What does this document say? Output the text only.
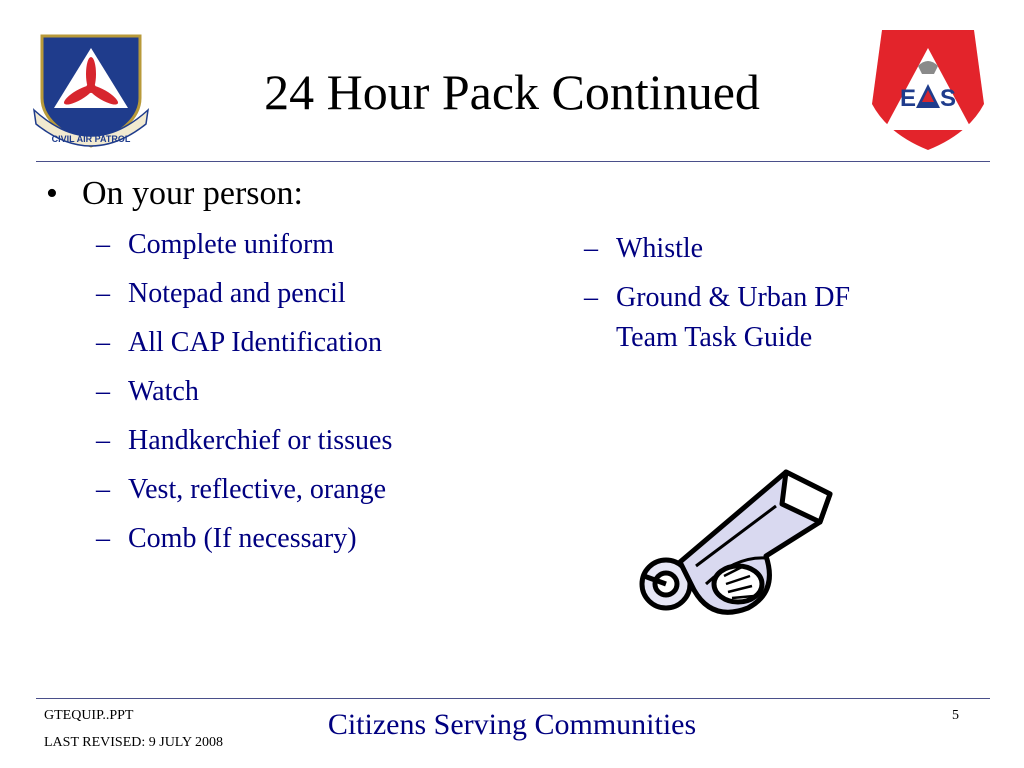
CIVIL AIR PATROL
24 Hour Pack Continued	E S
• On your person:
– Complete uniform
– Notepad and pencil
– All CAP Identification
– Watch
– Handkerchief or tissues
– Vest, reflective, orange
– Comb (If necessary)
– Whistle
– Ground & Urban DF Team Task Guide
GTEQUIP..PPT
LAST REVISED: 9 JULY 2008
Citizens Serving Communities	5
